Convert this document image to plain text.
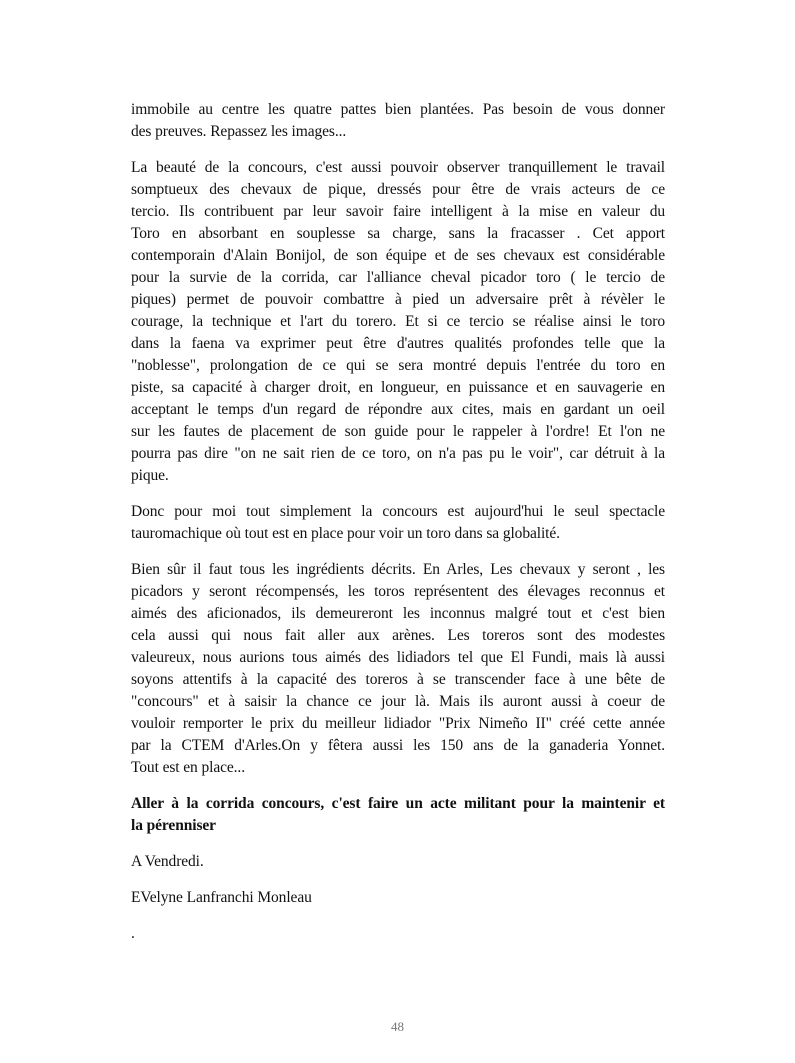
immobile au centre les quatre pattes bien plantées. Pas besoin de vous donner
des preuves. Repassez les images...
La beauté de la concours, c'est aussi pouvoir observer tranquillement le travail
somptueux des chevaux de pique, dressés pour être de vrais acteurs de ce
tercio. Ils contribuent par leur savoir faire intelligent à la mise en valeur du
Toro en absorbant en souplesse sa charge, sans la fracasser . Cet apport
contemporain d'Alain Bonijol, de son équipe et de ses chevaux est considérable
pour la survie de la corrida, car l'alliance cheval picador toro ( le tercio de
piques) permet de pouvoir combattre à pied un adversaire prêt à révèler le
courage, la technique et l'art du torero. Et si ce tercio se réalise ainsi le toro
dans la faena va exprimer peut être d'autres qualités profondes telle que la
"noblesse", prolongation de ce qui se sera montré depuis l'entrée du toro en
piste, sa capacité à charger droit, en longueur, en puissance et en sauvagerie en
acceptant le temps d'un regard de répondre aux cites, mais en gardant un oeil
sur les fautes de placement de son guide pour le rappeler à l'ordre! Et l'on ne
pourra pas dire "on ne sait rien de ce toro, on n'a pas pu le voir", car détruit à la
pique.
Donc pour moi tout simplement la concours est aujourd'hui le seul spectacle
tauromachique où tout est en place pour voir un toro dans sa globalité.
Bien sûr il faut tous les ingrédients décrits. En Arles, Les chevaux y seront , les
picadors y seront récompensés, les toros représentent des élevages reconnus et
aimés des aficionados, ils demeureront les inconnus malgré tout et c'est bien
cela aussi qui nous fait aller aux arènes. Les toreros sont des modestes
valeureux, nous aurions tous aimés des lidiadors tel que El Fundi, mais là aussi
soyons attentifs à la capacité des toreros à se transcender face à une bête de
"concours" et à saisir la chance ce jour là. Mais ils auront aussi à coeur de
vouloir remporter le prix du meilleur lidiador "Prix Nimeño II" créé cette année
par la CTEM d'Arles.On y fêtera aussi les 150 ans de la ganaderia Yonnet.
Tout est en place...
Aller à la corrida concours, c'est faire un acte militant pour la maintenir et
la pérenniser
A Vendredi.
EVelyne Lanfranchi Monleau
.
48
